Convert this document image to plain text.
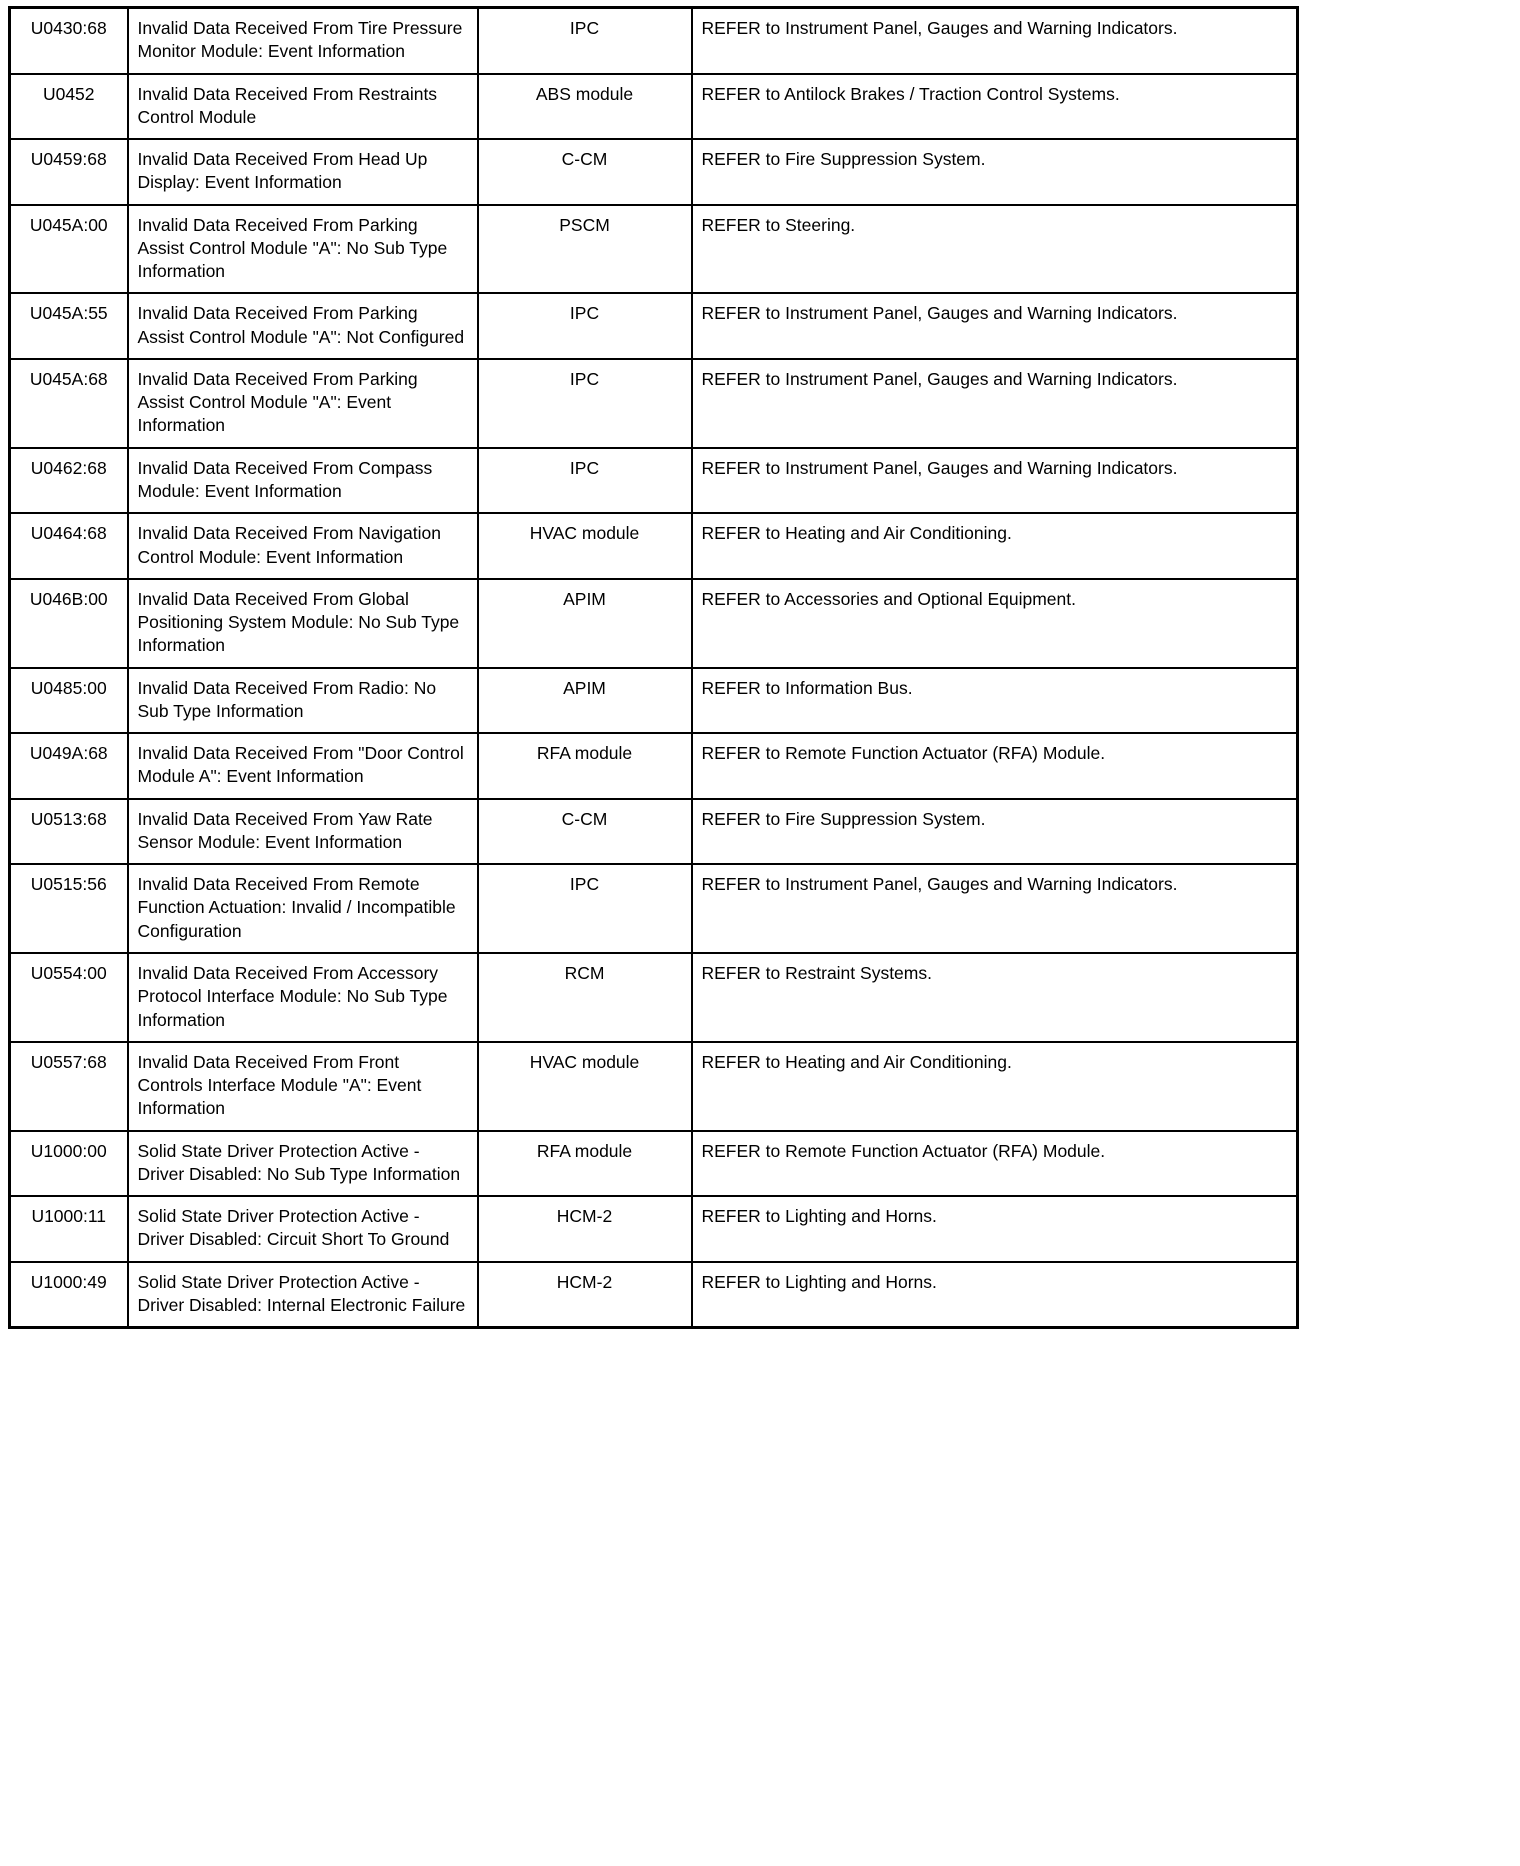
U0430:68	Invalid Data Received From Tire Pressure Monitor Module: Event Information	IPC	REFER to Instrument Panel, Gauges and Warning Indicators.
U0452	Invalid Data Received From Restraints Control Module	ABS module	REFER to Antilock Brakes / Traction Control Systems.
U0459:68	Invalid Data Received From Head Up Display: Event Information	C-CM	REFER to Fire Suppression System.
U045A:00	Invalid Data Received From Parking Assist Control Module "A": No Sub Type Information	PSCM	REFER to Steering.
U045A:55	Invalid Data Received From Parking Assist Control Module "A": Not Configured	IPC	REFER to Instrument Panel, Gauges and Warning Indicators.
U045A:68	Invalid Data Received From Parking Assist Control Module "A": Event Information	IPC	REFER to Instrument Panel, Gauges and Warning Indicators.
U0462:68	Invalid Data Received From Compass Module: Event Information	IPC	REFER to Instrument Panel, Gauges and Warning Indicators.
U0464:68	Invalid Data Received From Navigation Control Module: Event Information	HVAC module	REFER to Heating and Air Conditioning.
U046B:00	Invalid Data Received From Global Positioning System Module: No Sub Type Information	APIM	REFER to Accessories and Optional Equipment.
U0485:00	Invalid Data Received From Radio: No Sub Type Information	APIM	REFER to Information Bus.
U049A:68	Invalid Data Received From "Door Control Module A": Event Information	RFA module	REFER to Remote Function Actuator (RFA) Module.
U0513:68	Invalid Data Received From Yaw Rate Sensor Module: Event Information	C-CM	REFER to Fire Suppression System.
U0515:56	Invalid Data Received From Remote Function Actuation: Invalid / Incompatible Configuration	IPC	REFER to Instrument Panel, Gauges and Warning Indicators.
U0554:00	Invalid Data Received From Accessory Protocol Interface Module: No Sub Type Information	RCM	REFER to Restraint Systems.
U0557:68	Invalid Data Received From Front Controls Interface Module "A": Event Information	HVAC module	REFER to Heating and Air Conditioning.
U1000:00	Solid State Driver Protection Active - Driver Disabled: No Sub Type Information	RFA module	REFER to Remote Function Actuator (RFA) Module.
U1000:11	Solid State Driver Protection Active - Driver Disabled: Circuit Short To Ground	HCM-2	REFER to Lighting and Horns.
U1000:49	Solid State Driver Protection Active - Driver Disabled: Internal Electronic Failure	HCM-2	REFER to Lighting and Horns.
